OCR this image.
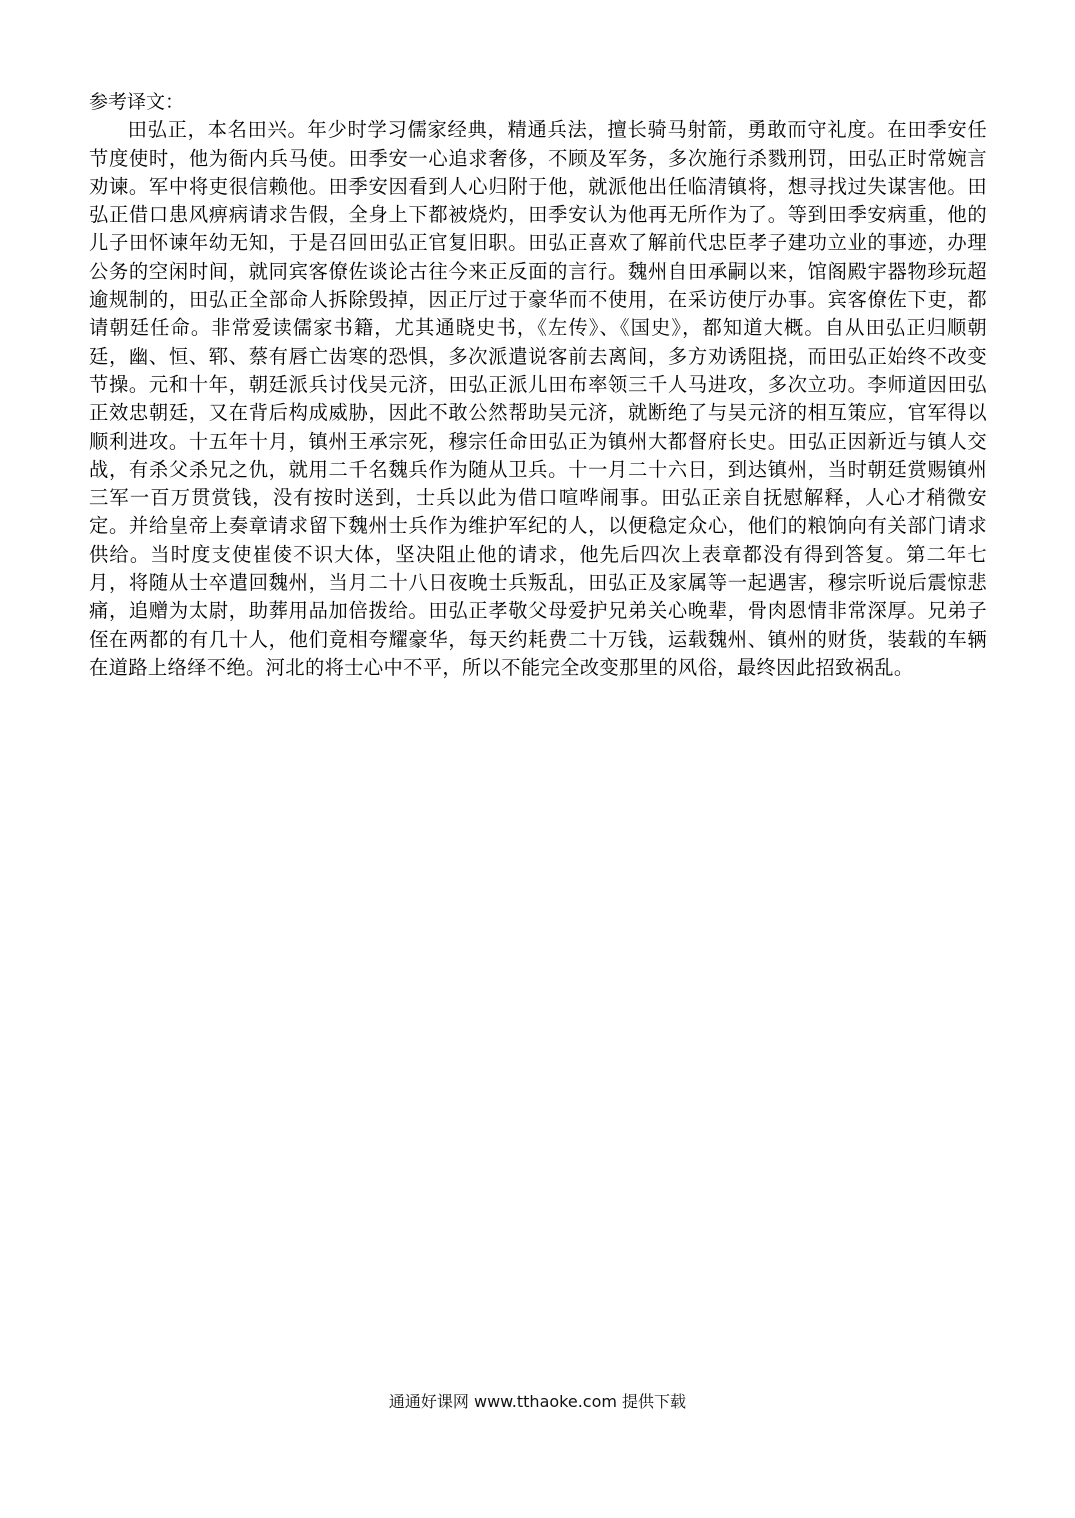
参考译文：

田弘正，本名田兴。年少时学习儒家经典，精通兵法，擅长骑马射箭，勇敢而守礼度。在田季安任节度使时，他为衙内兵马使。田季安一心追求奢侈，不顾及军务，多次施行杀戮刑罚，田弘正时常婉言劝谏。军中将吏很信赖他。田季安因看到人心归附于他，就派他出任临清镇将，想寻找过失谋害他。田弘正借口患风痹病请求告假，全身上下都被烧灼，田季安认为他再无所作为了。等到田季安病重，他的儿子田怀谏年幼无知，于是召回田弘正官复旧职。田弘正喜欢了解前代忠臣孝子建功立业的事迹，办理公务的空闲时间，就同宾客僚佐谈论古往今来正反面的言行。魏州自田承嗣以来，馆阁殿宇器物珍玩超逾规制的，田弘正全部命人拆除毁掉，因正厅过于豪华而不使用，在采访使厅办事。宾客僚佐下吏，都请朝廷任命。非常爱读儒家书籍，尤其通晓史书，《左传》、《国史》，都知道大概。自从田弘正归顺朝廷，幽、恒、郓、蔡有唇亡齿寒的恐惧，多次派遣说客前去离间，多方劝诱阻挠，而田弘正始终不改变节操。元和十年，朝廷派兵讨伐吴元济，田弘正派儿田布率领三千人马进攻，多次立功。李师道因田弘正效忠朝廷，又在背后构成威胁，因此不敢公然帮助吴元济，就断绝了与吴元济的相互策应，官军得以顺利进攻。十五年十月，镇州王承宗死，穆宗任命田弘正为镇州大都督府长史。田弘正因新近与镇人交战，有杀父杀兄之仇，就用二千名魏兵作为随从卫兵。十一月二十六日，到达镇州，当时朝廷赏赐镇州三军一百万贯赏钱，没有按时送到，士兵以此为借口喧哗闹事。田弘正亲自抚慰解释，人心才稍微安定。并给皇帝上奏章请求留下魏州士兵作为维护军纪的人，以便稳定众心，他们的粮饷向有关部门请求供给。当时度支使崔倰不识大体，坚决阻止他的请求，他先后四次上表章都没有得到答复。第二年七月，将随从士卒遣回魏州，当月二十八日夜晚士兵叛乱，田弘正及家属等一起遇害，穆宗听说后震惊悲痛，追赠为太尉，助葬用品加倍拨给。田弘正孝敬父母爱护兄弟关心晚辈，骨肉恩情非常深厚。兄弟子侄在两都的有几十人，他们竟相夸耀豪华，每天约耗费二十万钱，运载魏州、镇州的财货，装载的车辆在道路上络绎不绝。河北的将士心中不平，所以不能完全改变那里的风俗，最终因此招致祸乱。

通通好课网 www.tthaoke.com 提供下载
